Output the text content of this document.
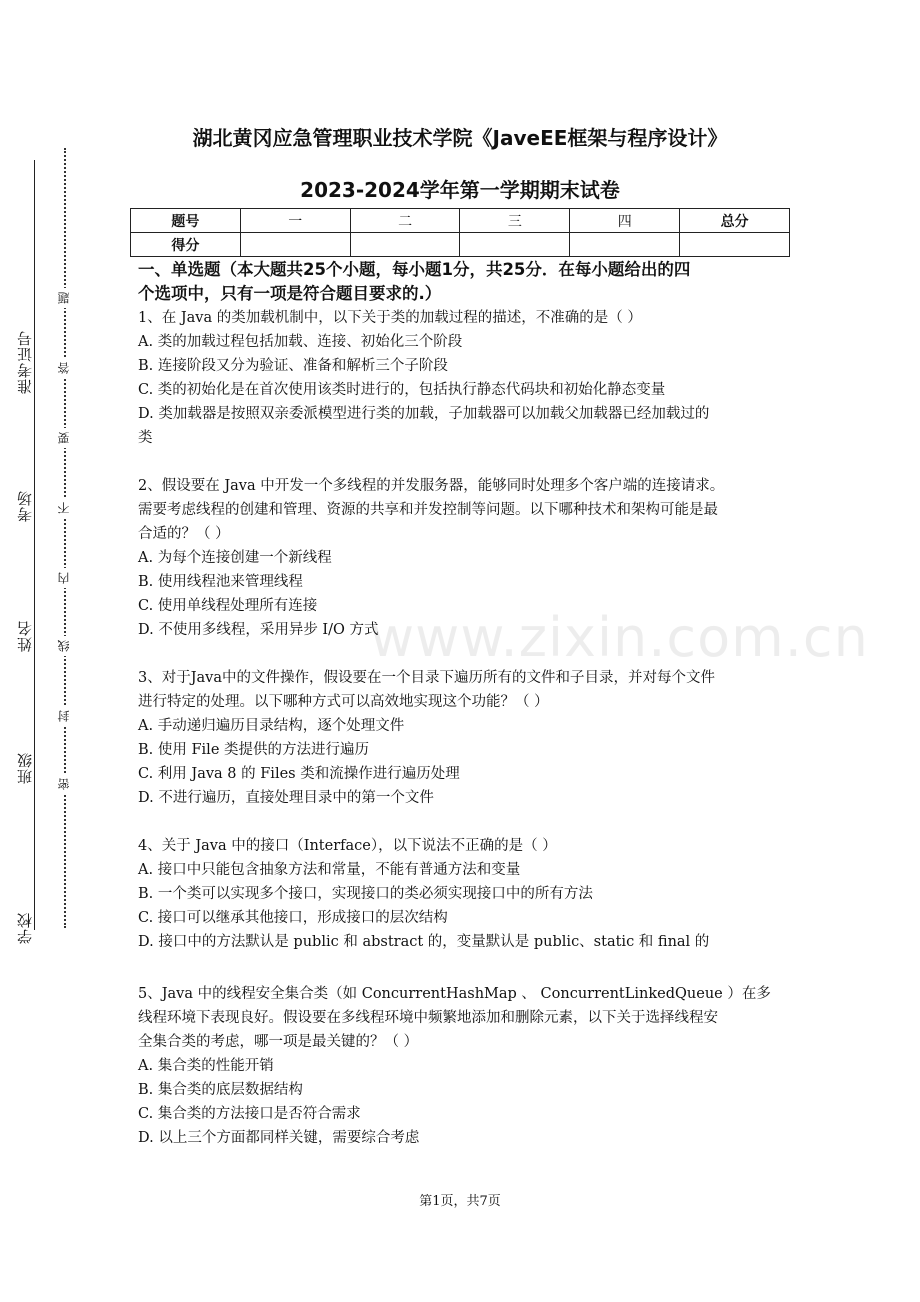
www.zixin.com.cn
准考证号
考场
姓名
班级
学校
题
答
要
不
内
线
封
密
湖北黄冈应急管理职业技术学院《JaveEE框架与程序设计》
2023-2024学年第一学期期末试卷
题号	一	二	三	四	总分
得分					
一、单选题（本大题共25个小题，每小题1分，共25分．在每小题给出的四
个选项中，只有一项是符合题目要求的.）
1、在 Java 的类加载机制中，以下关于类的加载过程的描述，不准确的是（ ）
A. 类的加载过程包括加载、连接、初始化三个阶段
B. 连接阶段又分为验证、准备和解析三个子阶段
C. 类的初始化是在首次使用该类时进行的，包括执行静态代码块和初始化静态变量
D. 类加载器是按照双亲委派模型进行类的加载，子加载器可以加载父加载器已经加载过的
类
2、假设要在 Java 中开发一个多线程的并发服务器，能够同时处理多个客户端的连接请求。
需要考虑线程的创建和管理、资源的共享和并发控制等问题。以下哪种技术和架构可能是最
合适的？（ ）
A. 为每个连接创建一个新线程
B. 使用线程池来管理线程
C. 使用单线程处理所有连接
D. 不使用多线程，采用异步 I/O 方式
3、对于Java中的文件操作，假设要在一个目录下遍历所有的文件和子目录，并对每个文件
进行特定的处理。以下哪种方式可以高效地实现这个功能？（ ）
A. 手动递归遍历目录结构，逐个处理文件
B. 使用 File 类提供的方法进行遍历
C. 利用 Java 8 的 Files 类和流操作进行遍历处理
D. 不进行遍历，直接处理目录中的第一个文件
4、关于 Java 中的接口（Interface），以下说法不正确的是（ ）
A. 接口中只能包含抽象方法和常量，不能有普通方法和变量
B. 一个类可以实现多个接口，实现接口的类必须实现接口中的所有方法
C. 接口可以继承其他接口，形成接口的层次结构
D. 接口中的方法默认是 public 和 abstract 的，变量默认是 public、static 和 final 的
5、Java 中的线程安全集合类（如 ConcurrentHashMap 、 ConcurrentLinkedQueue ）在多
线程环境下表现良好。假设要在多线程环境中频繁地添加和删除元素，以下关于选择线程安
全集合类的考虑，哪一项是最关键的？（ ）
A. 集合类的性能开销
B. 集合类的底层数据结构
C. 集合类的方法接口是否符合需求
D. 以上三个方面都同样关键，需要综合考虑
第1页，共7页
